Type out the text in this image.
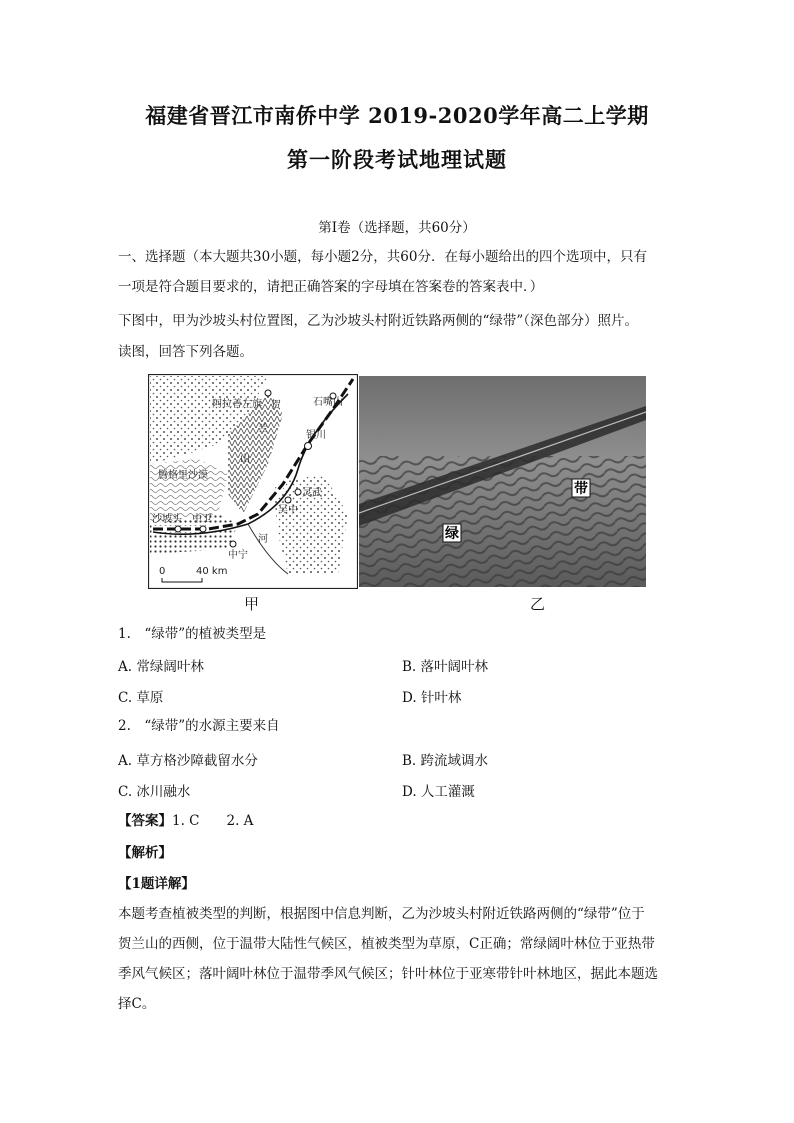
福建省晋江市南侨中学 2019-2020学年高二上学期
第一阶段考试地理试题
第Ⅰ卷（选择题，共60分）
一、选择题（本大题共30小题，每小题2分，共60分．在每小题给出的四个选项中，只有
一项是符合题目要求的，请把正确答案的字母填在答案卷的答案表中．）
下图中，甲为沙坡头村位置图，乙为沙坡头村附近铁路两侧的“绿带”（深色部分）照片。
读图，回答下列各题。
阿拉善左旗 贺
兰
山
石嘴山
银川
腾格里沙漠
灵武
吴中
沙坡头 中卫
中宁
河
0	40 km
绿
带
甲	乙
1.　“绿带”的植被类型是
A. 常绿阔叶林	B. 落叶阔叶林
C. 草原	D. 针叶林
2.　“绿带”的水源主要来自
A. 草方格沙障截留水分	B. 跨流域调水
C. 冰川融水	D. 人工灌溉
【答案】1. C　　2. A
【解析】
【1题详解】
本题考查植被类型的判断，根据图中信息判断，乙为沙坡头村附近铁路两侧的“绿带”位于
贺兰山的西侧，位于温带大陆性气候区，植被类型为草原，C正确；常绿阔叶林位于亚热带
季风气候区；落叶阔叶林位于温带季风气候区；针叶林位于亚寒带针叶林地区，据此本题选
择C。
